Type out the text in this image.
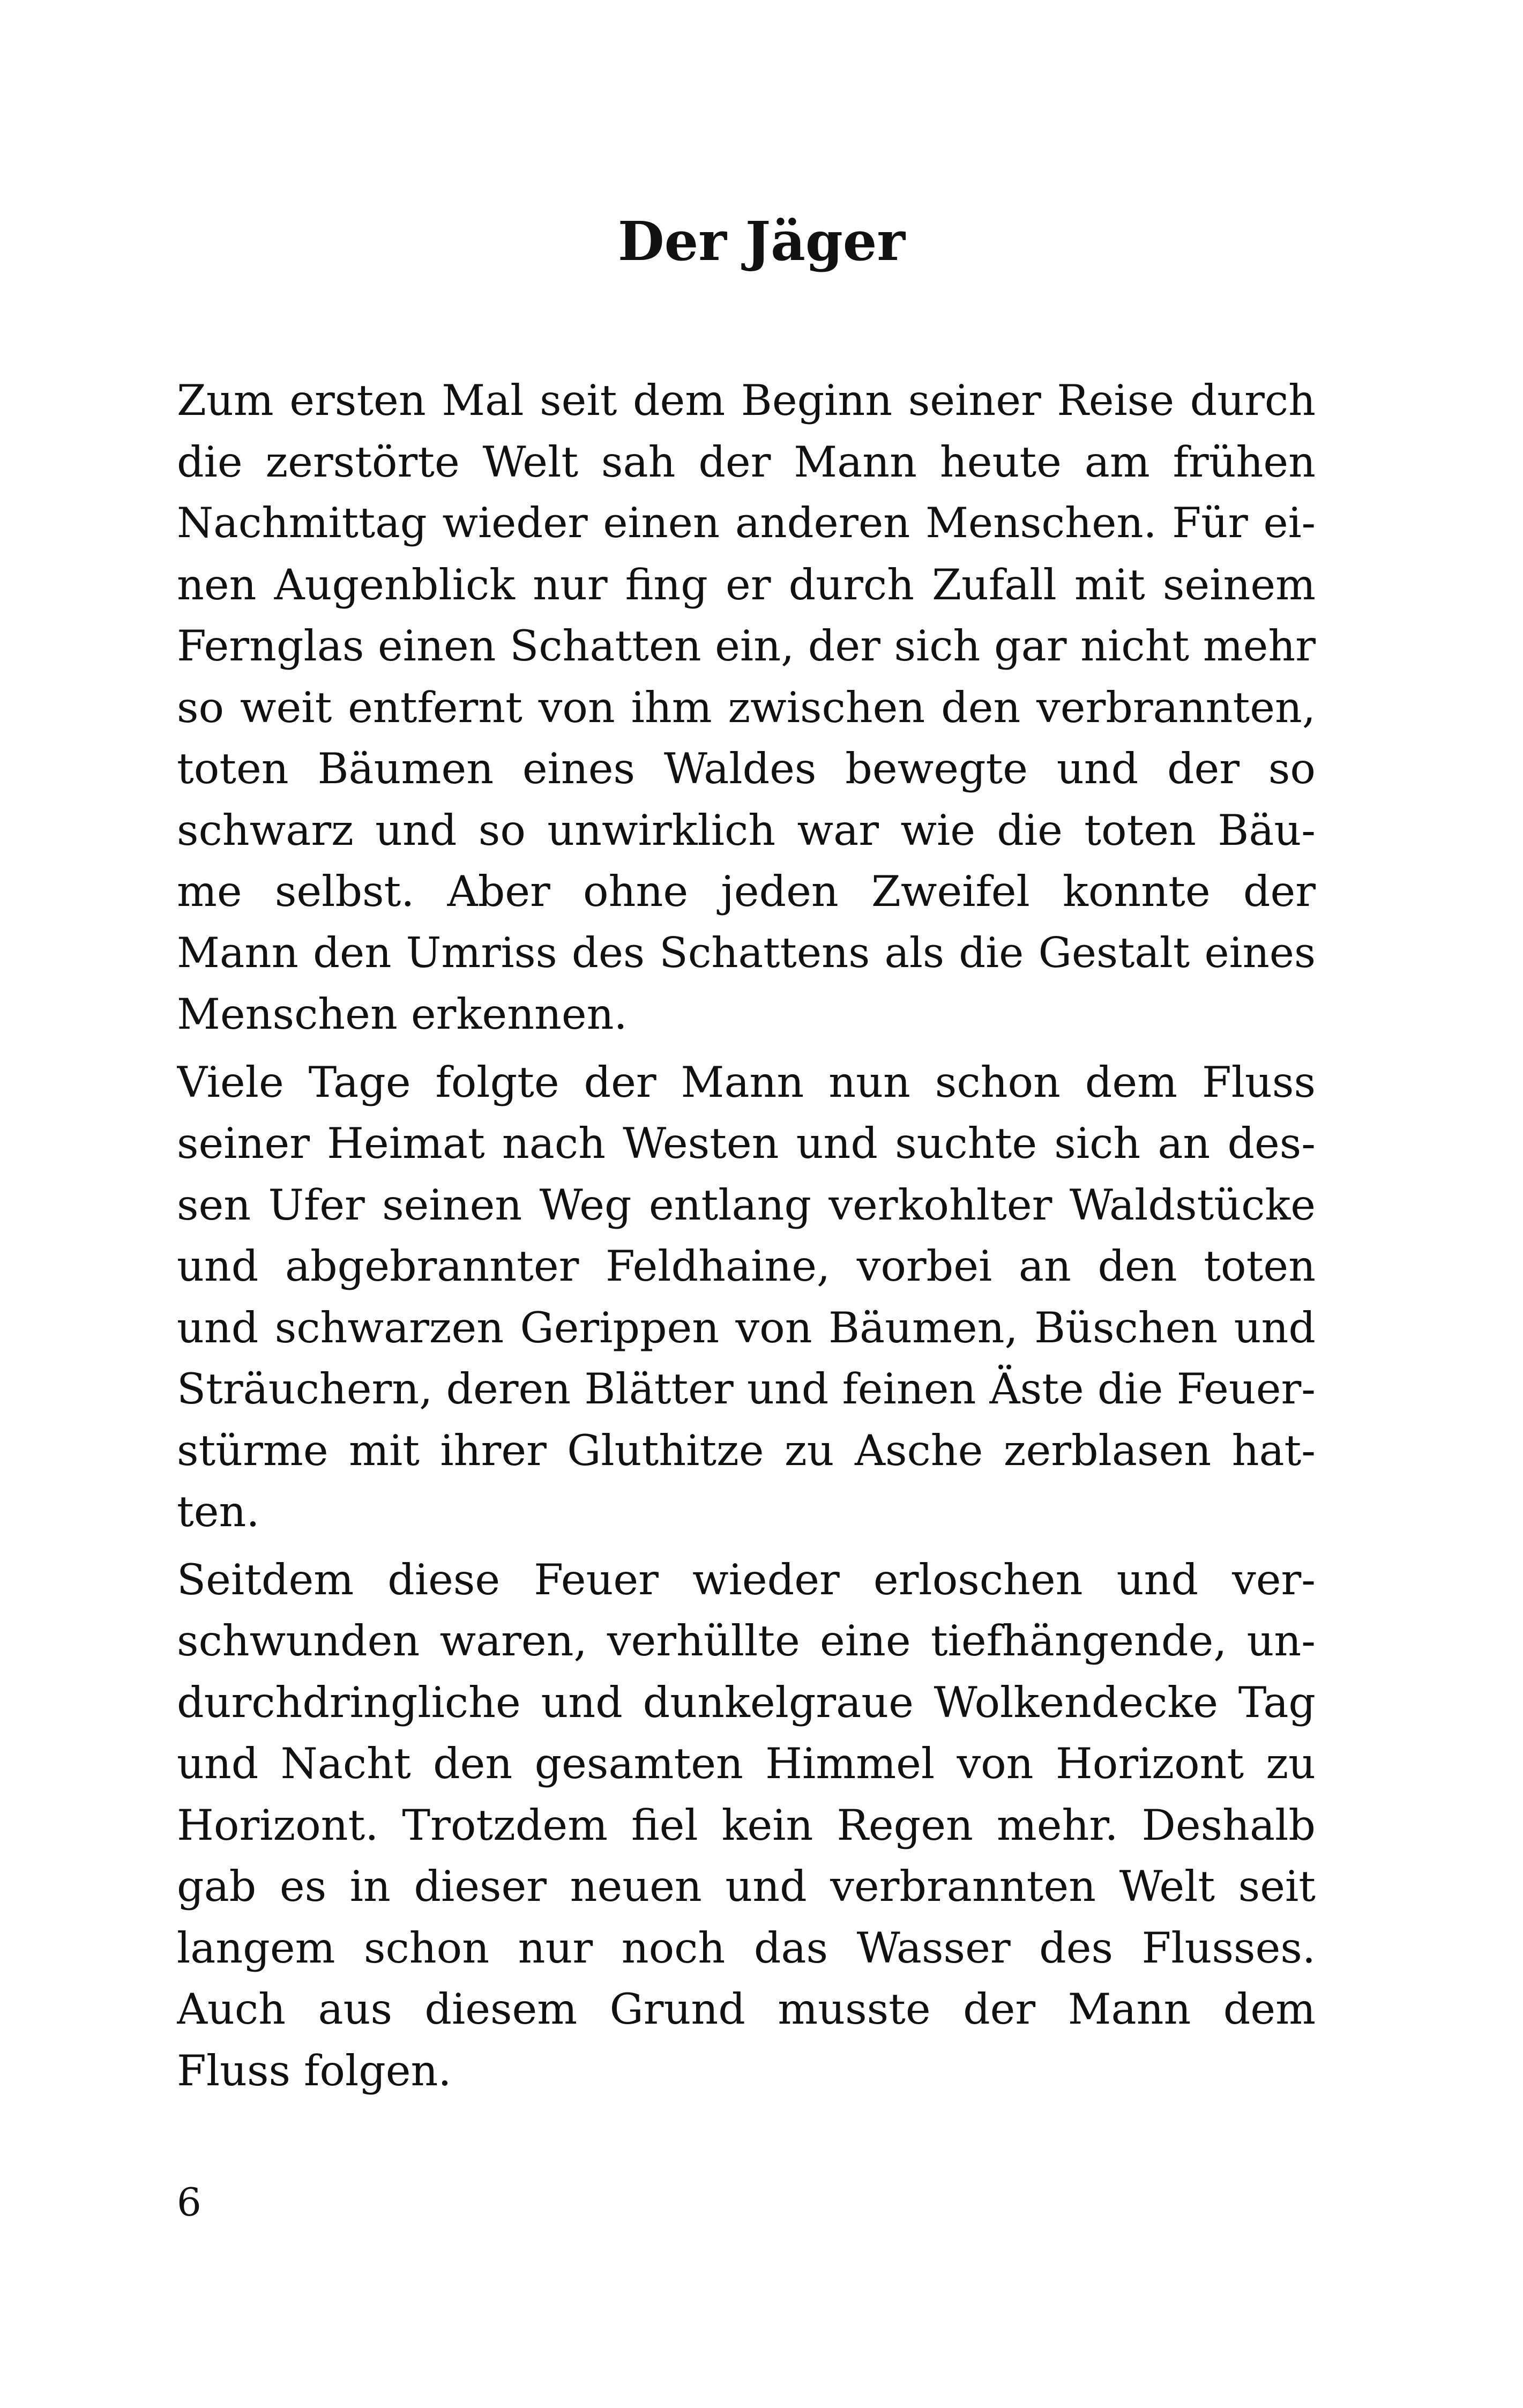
Der Jäger
Zum ersten Mal seit dem Beginn seiner Reise durch
die zerstörte Welt sah der Mann heute am frühen
Nachmittag wieder einen anderen Menschen. Für ei-
nen Augenblick nur fing er durch Zufall mit seinem
Fernglas einen Schatten ein, der sich gar nicht mehr
so weit entfernt von ihm zwischen den verbrannten,
toten Bäumen eines Waldes bewegte und der so
schwarz und so unwirklich war wie die toten Bäu-
me selbst. Aber ohne jeden Zweifel konnte der
Mann den Umriss des Schattens als die Gestalt eines
Menschen erkennen.
Viele Tage folgte der Mann nun schon dem Fluss
seiner Heimat nach Westen und suchte sich an des-
sen Ufer seinen Weg entlang verkohlter Waldstücke
und abgebrannter Feldhaine, vorbei an den toten
und schwarzen Gerippen von Bäumen, Büschen und
Sträuchern, deren Blätter und feinen Äste die Feuer-
stürme mit ihrer Gluthitze zu Asche zerblasen hat-
ten.
Seitdem diese Feuer wieder erloschen und ver-
schwunden waren, verhüllte eine tiefhängende, un-
durchdringliche und dunkelgraue Wolkendecke Tag
und Nacht den gesamten Himmel von Horizont zu
Horizont. Trotzdem fiel kein Regen mehr. Deshalb
gab es in dieser neuen und verbrannten Welt seit
langem schon nur noch das Wasser des Flusses.
Auch aus diesem Grund musste der Mann dem
Fluss folgen.
6
